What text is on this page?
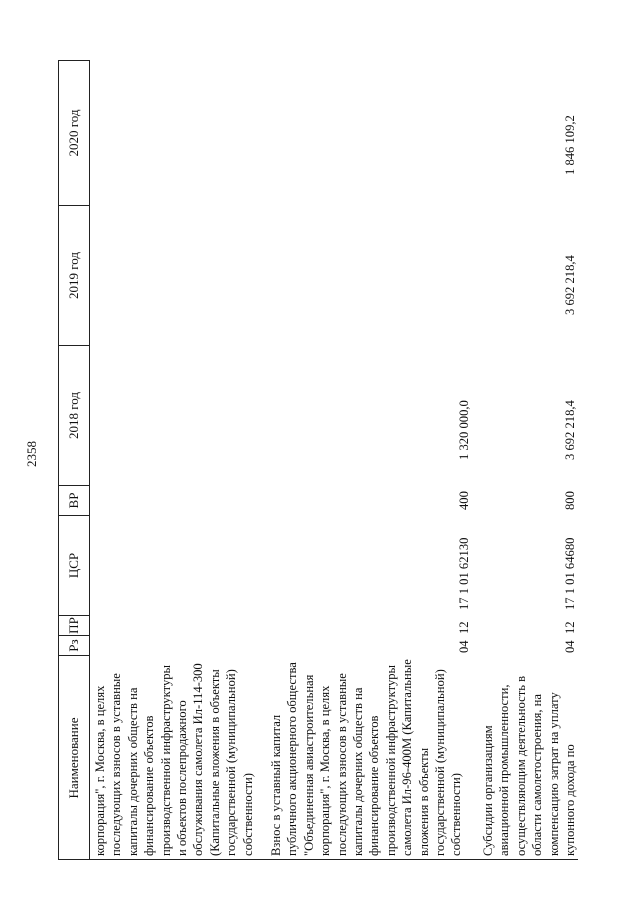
2358
Наименование
Рз
ПР
ЦСР
ВР
2018 год
2019 год
2020 год
корпорация", г. Москва, в целях последующих взносов в уставные капиталы дочерних обществ на финансирование объектов производственной инфраструктуры и объектов послепродажного обслуживания самолета Ил-114-300 (Капитальные вложения в объекты государственной (муниципальной) собственности) Взнос в уставный капитал публичного акционерного общества "Объединенная авиастроительная корпорация", г. Москва, в целях последующих взносов в уставные капиталы дочерних обществ на финансирование объектов производственной инфраструктуры самолета Ил-96-400М (Капитальные вложения в объекты государственной (муниципальной) собственности)
04
12
17 1 01 62130
400
1 320 000,0
Субсидии организациям авиационной промышленности, осуществляющим деятельность в области самолетостроения, на компенсацию затрат на уплату купонного дохода по
04
12
17 1 01 64680
800
3 692 218,4
3 692 218,4
1 846 109,2
